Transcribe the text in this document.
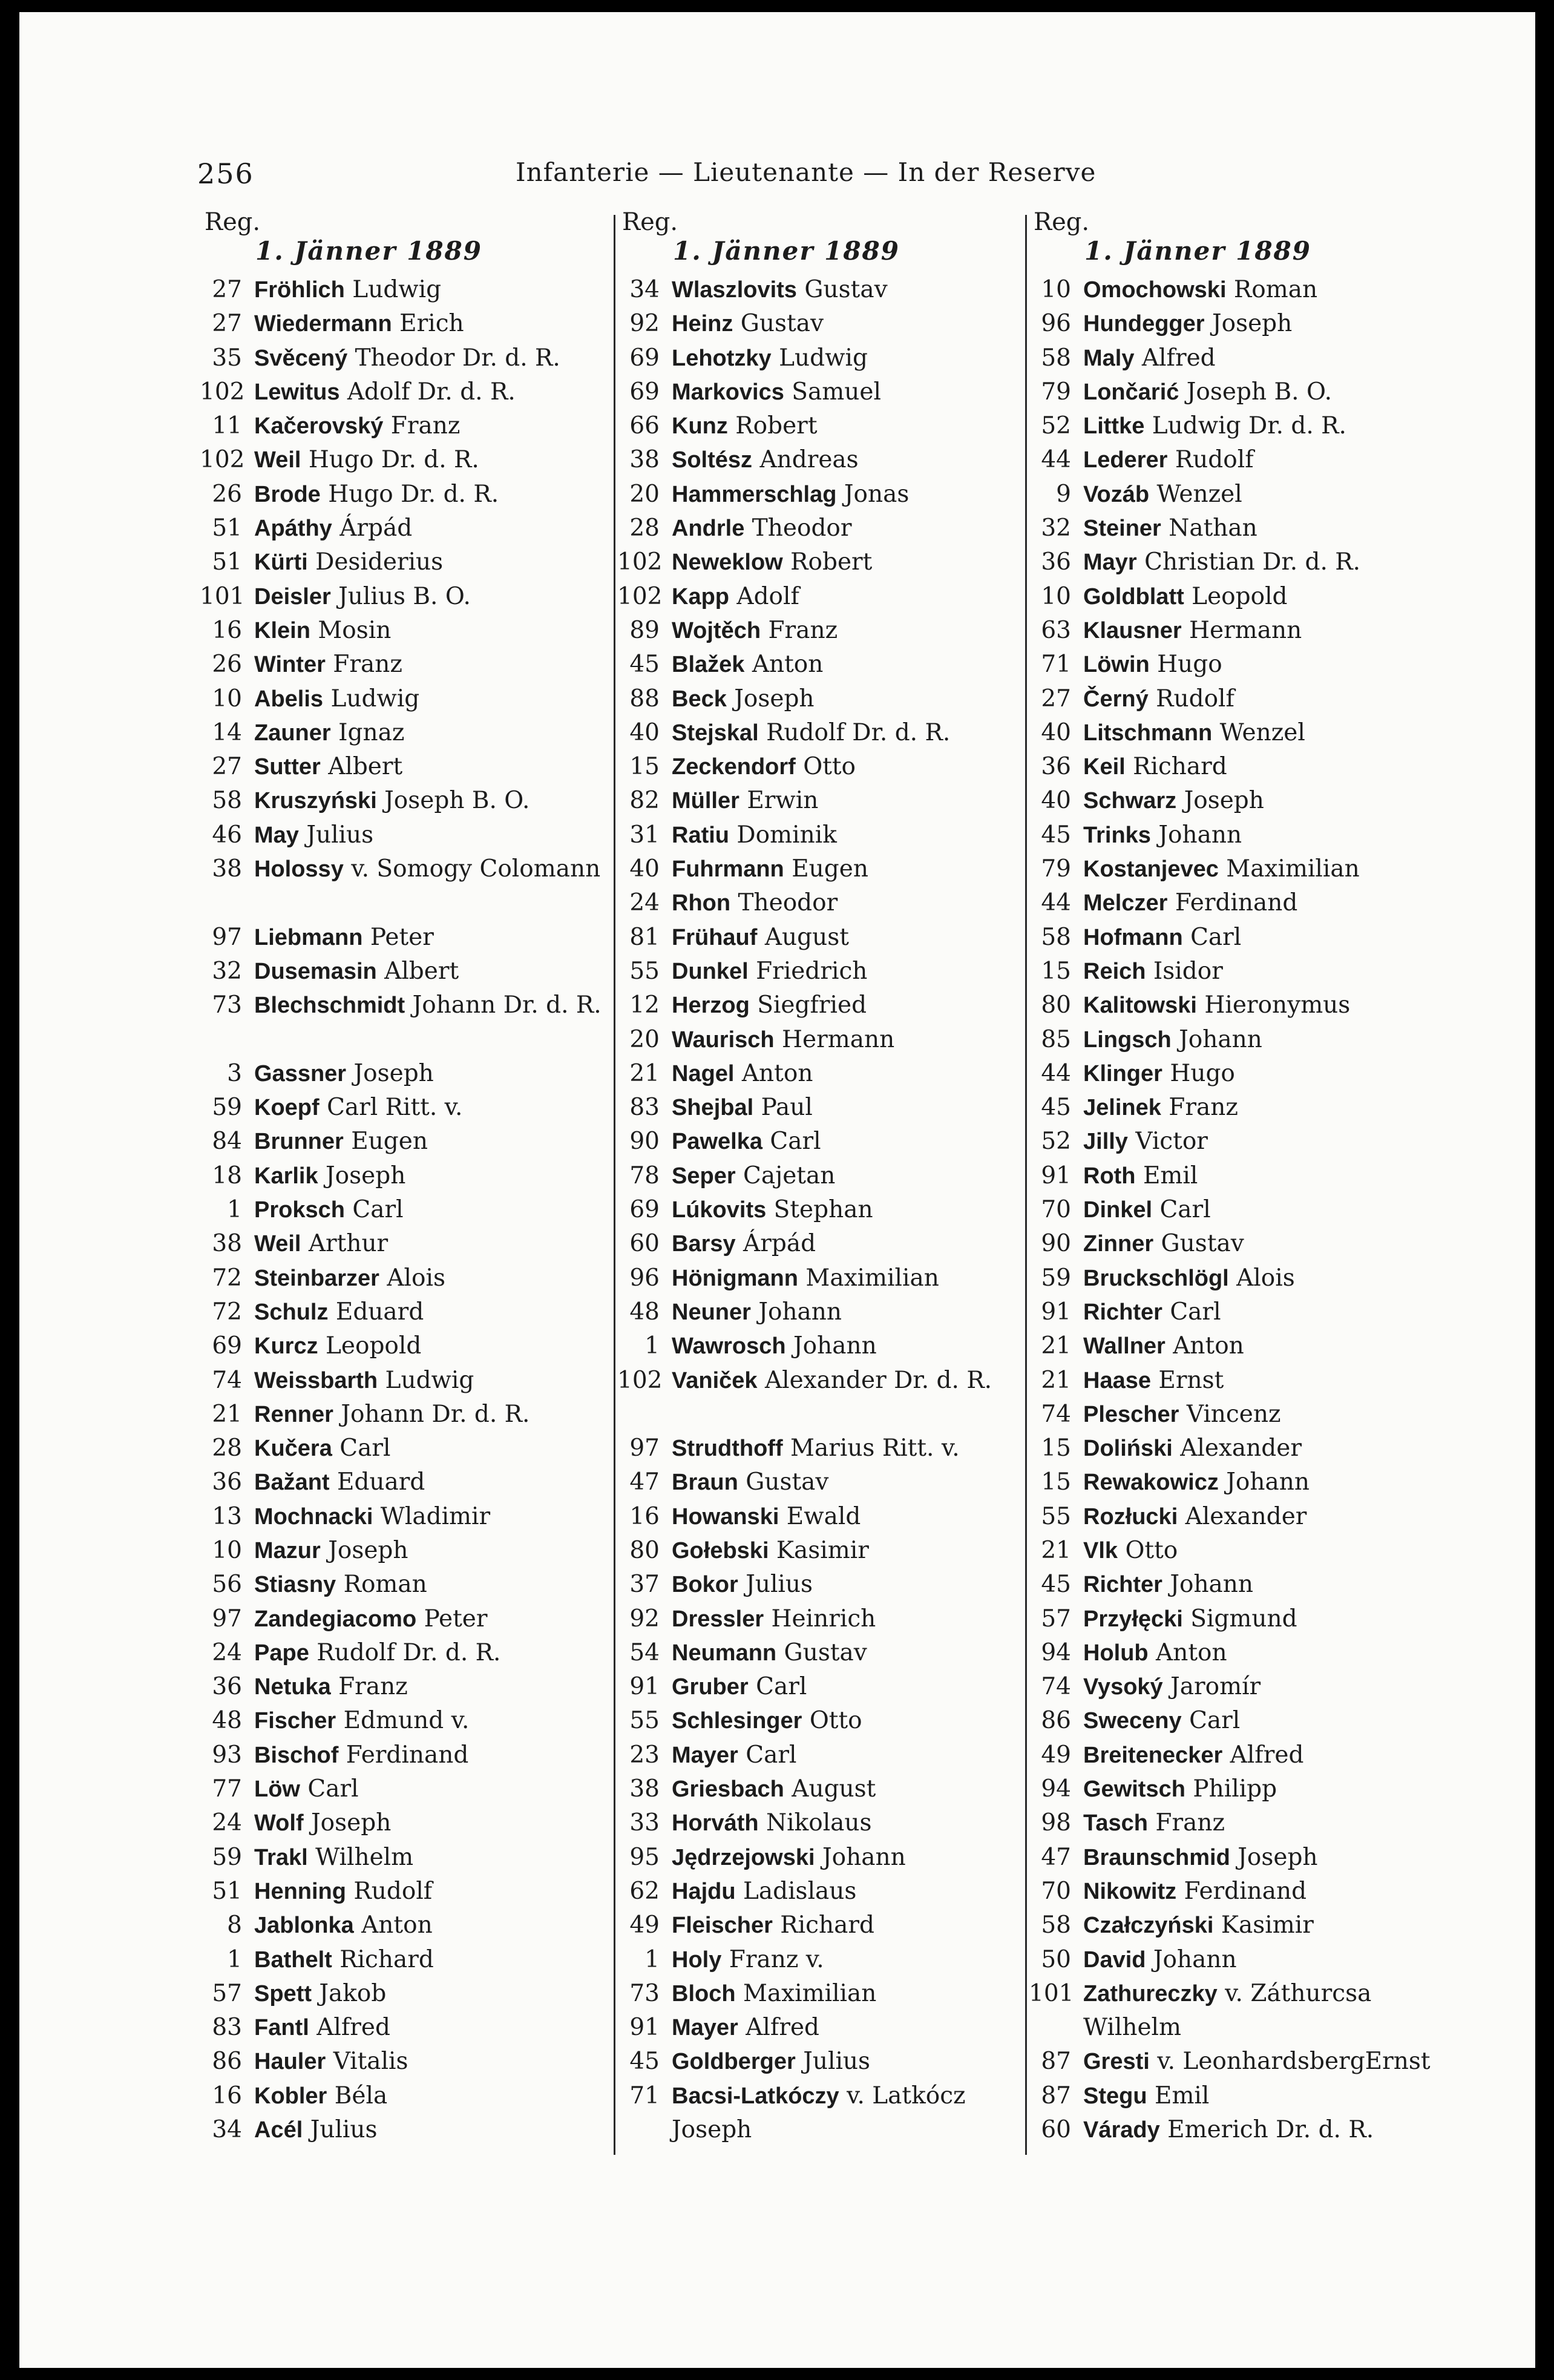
256	Infanterie — Lieutenante — In der Reserve
Reg.
1. Jänner 1889
27 Fröhlich Ludwig
27 Wiedermann Erich
35 Svěcený Theodor Dr. d. R.
102 Lewitus Adolf Dr. d. R.
11 Kačerovský Franz
102 Weil Hugo Dr. d. R.
26 Brode Hugo Dr. d. R.
51 Apáthy Árpád
51 Kürti Desiderius
101 Deisler Julius B. O.
16 Klein Mosin
26 Winter Franz
10 Abelis Ludwig
14 Zauner Ignaz
27 Sutter Albert
58 Kruszyński Joseph B. O.
46 May Julius
38 Holossy v. Somogy Colomann
97 Liebmann Peter
32 Dusemasin Albert
73 Blechschmidt Johann Dr. d. R.
3 Gassner Joseph
59 Koepf Carl Ritt. v.
84 Brunner Eugen
18 Karlik Joseph
1 Proksch Carl
38 Weil Arthur
72 Steinbarzer Alois
72 Schulz Eduard
69 Kurcz Leopold
74 Weissbarth Ludwig
21 Renner Johann Dr. d. R.
28 Kučera Carl
36 Bažant Eduard
13 Mochnacki Wladimir
10 Mazur Joseph
56 Stiasny Roman
97 Zandegiacomo Peter
24 Pape Rudolf Dr. d. R.
36 Netuka Franz
48 Fischer Edmund v.
93 Bischof Ferdinand
77 Löw Carl
24 Wolf Joseph
59 Trakl Wilhelm
51 Henning Rudolf
8 Jablonka Anton
1 Bathelt Richard
57 Spett Jakob
83 Fantl Alfred
86 Hauler Vitalis
16 Kobler Béla
34 Acél Julius
Reg.
1. Jänner 1889
34 Wlaszlovits Gustav
92 Heinz Gustav
69 Lehotzky Ludwig
69 Markovics Samuel
66 Kunz Robert
38 Soltész Andreas
20 Hammerschlag Jonas
28 Andrle Theodor
102 Neweklow Robert
102 Kapp Adolf
89 Wojtěch Franz
45 Blažek Anton
88 Beck Joseph
40 Stejskal Rudolf Dr. d. R.
15 Zeckendorf Otto
82 Müller Erwin
31 Ratiu Dominik
40 Fuhrmann Eugen
24 Rhon Theodor
81 Frühauf August
55 Dunkel Friedrich
12 Herzog Siegfried
20 Waurisch Hermann
21 Nagel Anton
83 Shejbal Paul
90 Pawelka Carl
78 Seper Cajetan
69 Lúkovits Stephan
60 Barsy Árpád
96 Hönigmann Maximilian
48 Neuner Johann
1 Wawrosch Johann
102 Vaniček Alexander Dr. d. R.
97 Strudthoff Marius Ritt. v.
47 Braun Gustav
16 Howanski Ewald
80 Gołebski Kasimir
37 Bokor Julius
92 Dressler Heinrich
54 Neumann Gustav
91 Gruber Carl
55 Schlesinger Otto
23 Mayer Carl
38 Griesbach August
33 Horváth Nikolaus
95 Jędrzejowski Johann
62 Hajdu Ladislaus
49 Fleischer Richard
1 Holy Franz v.
73 Bloch Maximilian
91 Mayer Alfred
45 Goldberger Julius
71 Bacsi-Latkóczy v. Latkócz Joseph
Reg.
1. Jänner 1889
10 Omochowski Roman
96 Hundegger Joseph
58 Maly Alfred
79 Lončarić Joseph B. O.
52 Littke Ludwig Dr. d. R.
44 Lederer Rudolf
9 Vozáb Wenzel
32 Steiner Nathan
36 Mayr Christian Dr. d. R.
10 Goldblatt Leopold
63 Klausner Hermann
71 Löwin Hugo
27 Černý Rudolf
40 Litschmann Wenzel
36 Keil Richard
40 Schwarz Joseph
45 Trinks Johann
79 Kostanjevec Maximilian
44 Melczer Ferdinand
58 Hofmann Carl
15 Reich Isidor
80 Kalitowski Hieronymus
85 Lingsch Johann
44 Klinger Hugo
45 Jelinek Franz
52 Jilly Victor
91 Roth Emil
70 Dinkel Carl
90 Zinner Gustav
59 Bruckschlögl Alois
91 Richter Carl
21 Wallner Anton
21 Haase Ernst
74 Plescher Vincenz
15 Doliński Alexander
15 Rewakowicz Johann
55 Rozłucki Alexander
21 Vlk Otto
45 Richter Johann
57 Przyłęcki Sigmund
94 Holub Anton
74 Vysoký Jaromír
86 Sweceny Carl
49 Breitenecker Alfred
94 Gewitsch Philipp
98 Tasch Franz
47 Braunschmid Joseph
70 Nikowitz Ferdinand
58 Czałczyński Kasimir
50 David Johann
101 Zathureczky v. Záthurcsa Wilhelm
87 Gresti v. LeonhardsbergErnst
87 Stegu Emil
60 Várady Emerich Dr. d. R.
